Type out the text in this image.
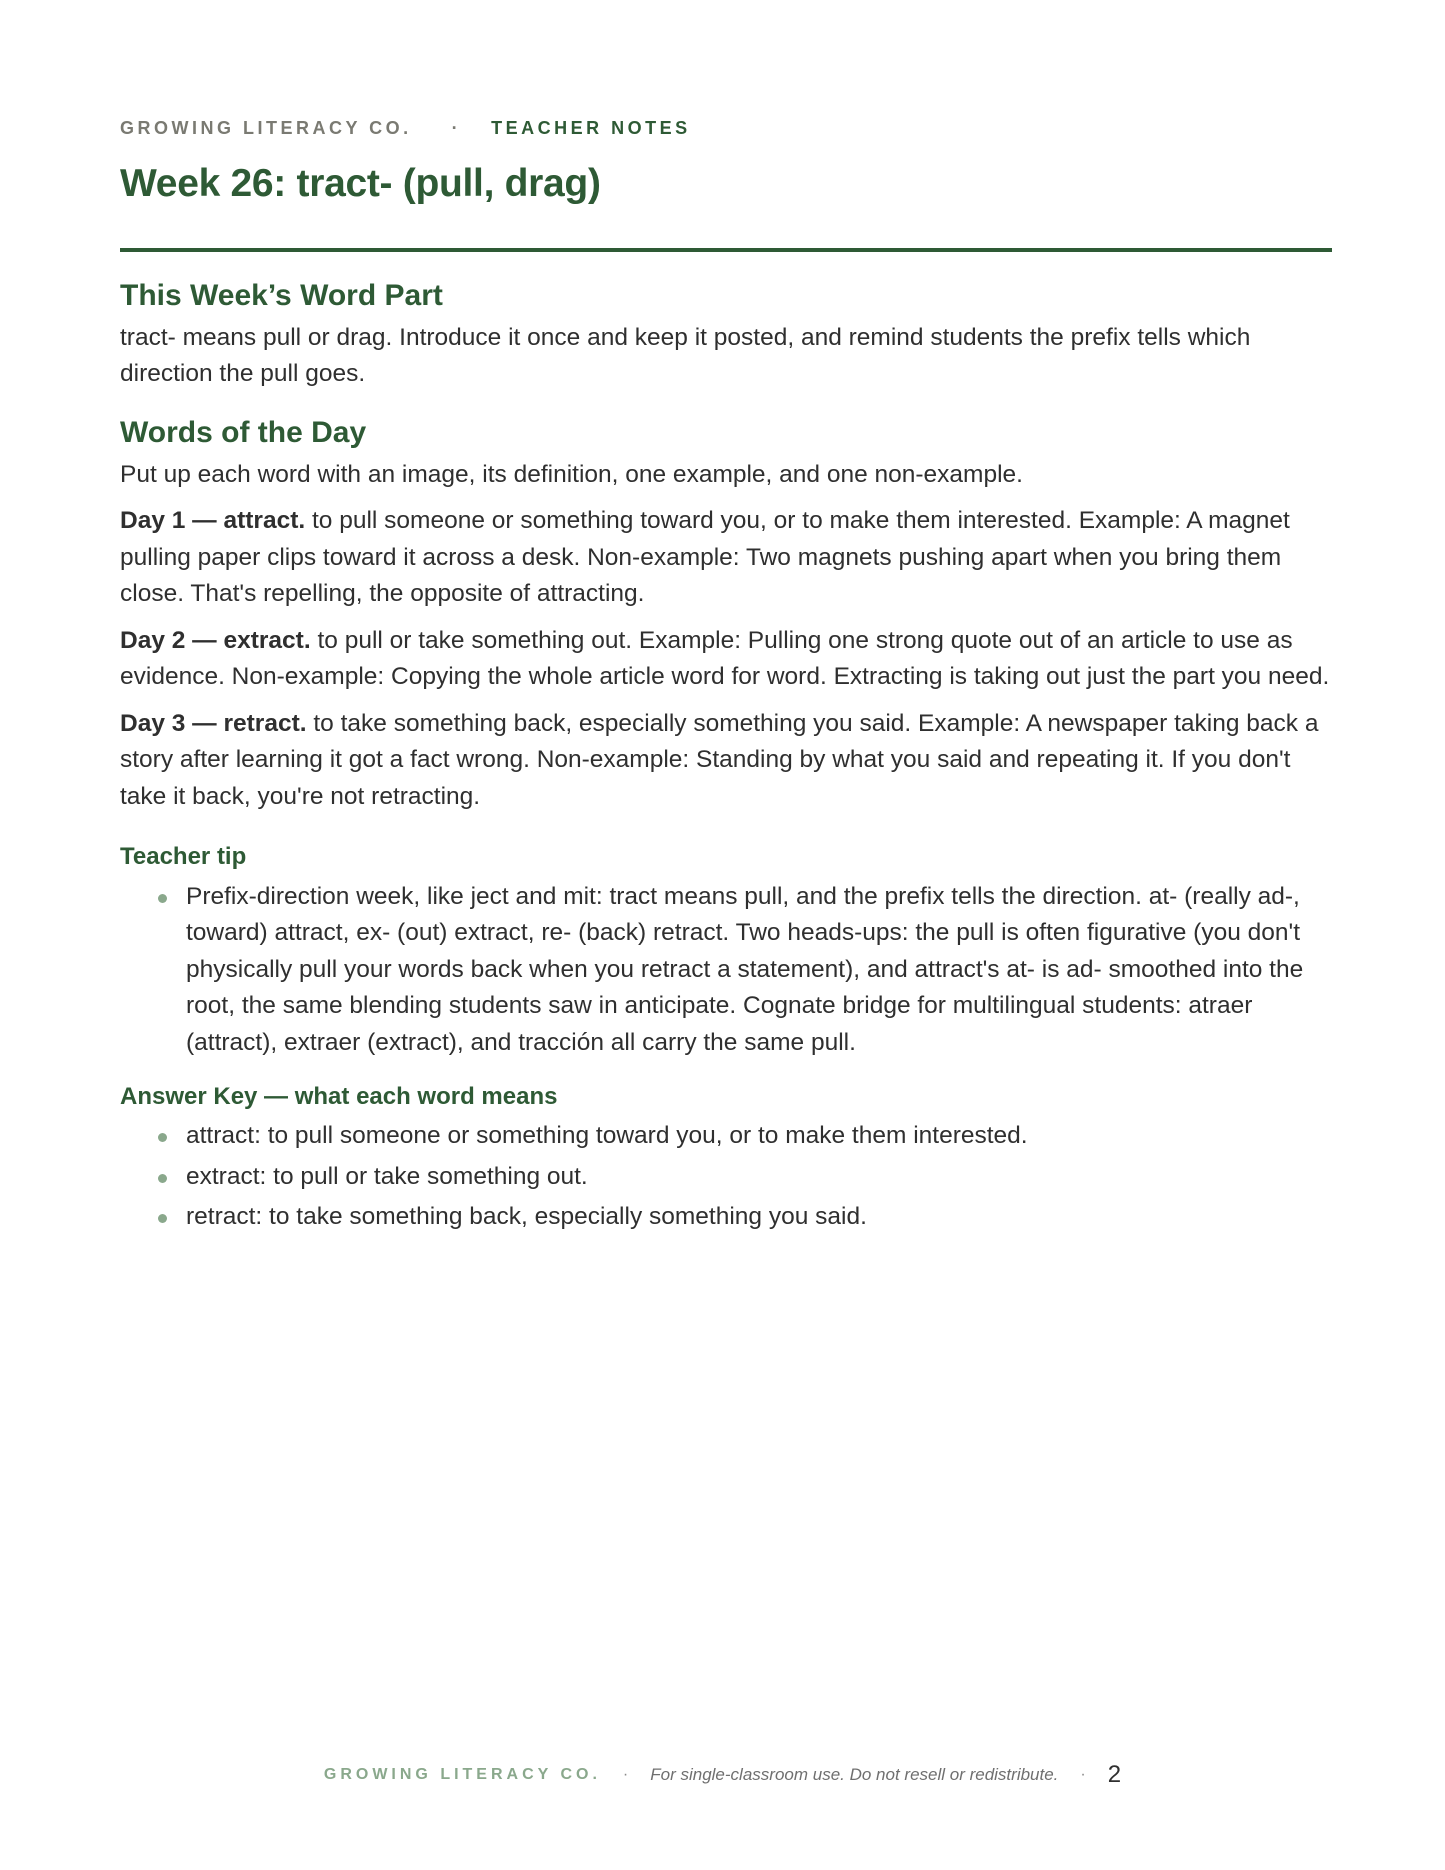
GROWING LITERACY CO. · TEACHER NOTES
Week 26: tract- (pull, drag)
This Week’s Word Part

tract- means pull or drag. Introduce it once and keep it posted, and remind students the prefix tells which direction the pull goes.

Words of the Day

Put up each word with an image, its definition, one example, and one non-example.

Day 1 — attract. to pull someone or something toward you, or to make them interested. Example: A magnet pulling paper clips toward it across a desk. Non-example: Two magnets pushing apart when you bring them close. That's repelling, the opposite of attracting.

Day 2 — extract. to pull or take something out. Example: Pulling one strong quote out of an article to use as evidence. Non-example: Copying the whole article word for word. Extracting is taking out just the part you need.

Day 3 — retract. to take something back, especially something you said. Example: A newspaper taking back a story after learning it got a fact wrong. Non-example: Standing by what you said and repeating it. If you don't take it back, you're not retracting.

Teacher tip
Prefix-direction week, like ject and mit: tract means pull, and the prefix tells the direction. at- (really ad-, toward) attract, ex- (out) extract, re- (back) retract. Two heads-ups: the pull is often figurative (you don't physically pull your words back when you retract a statement), and attract's at- is ad- smoothed into the root, the same blending students saw in anticipate. Cognate bridge for multilingual students: atraer (attract), extraer (extract), and tracción all carry the same pull.
Answer Key — what each word means
attract: to pull someone or something toward you, or to make them interested.
extract: to pull or take something out.
retract: to take something back, especially something you said.
GROWING LITERACY CO. · For single-classroom use. Do not resell or redistribute. · 2
